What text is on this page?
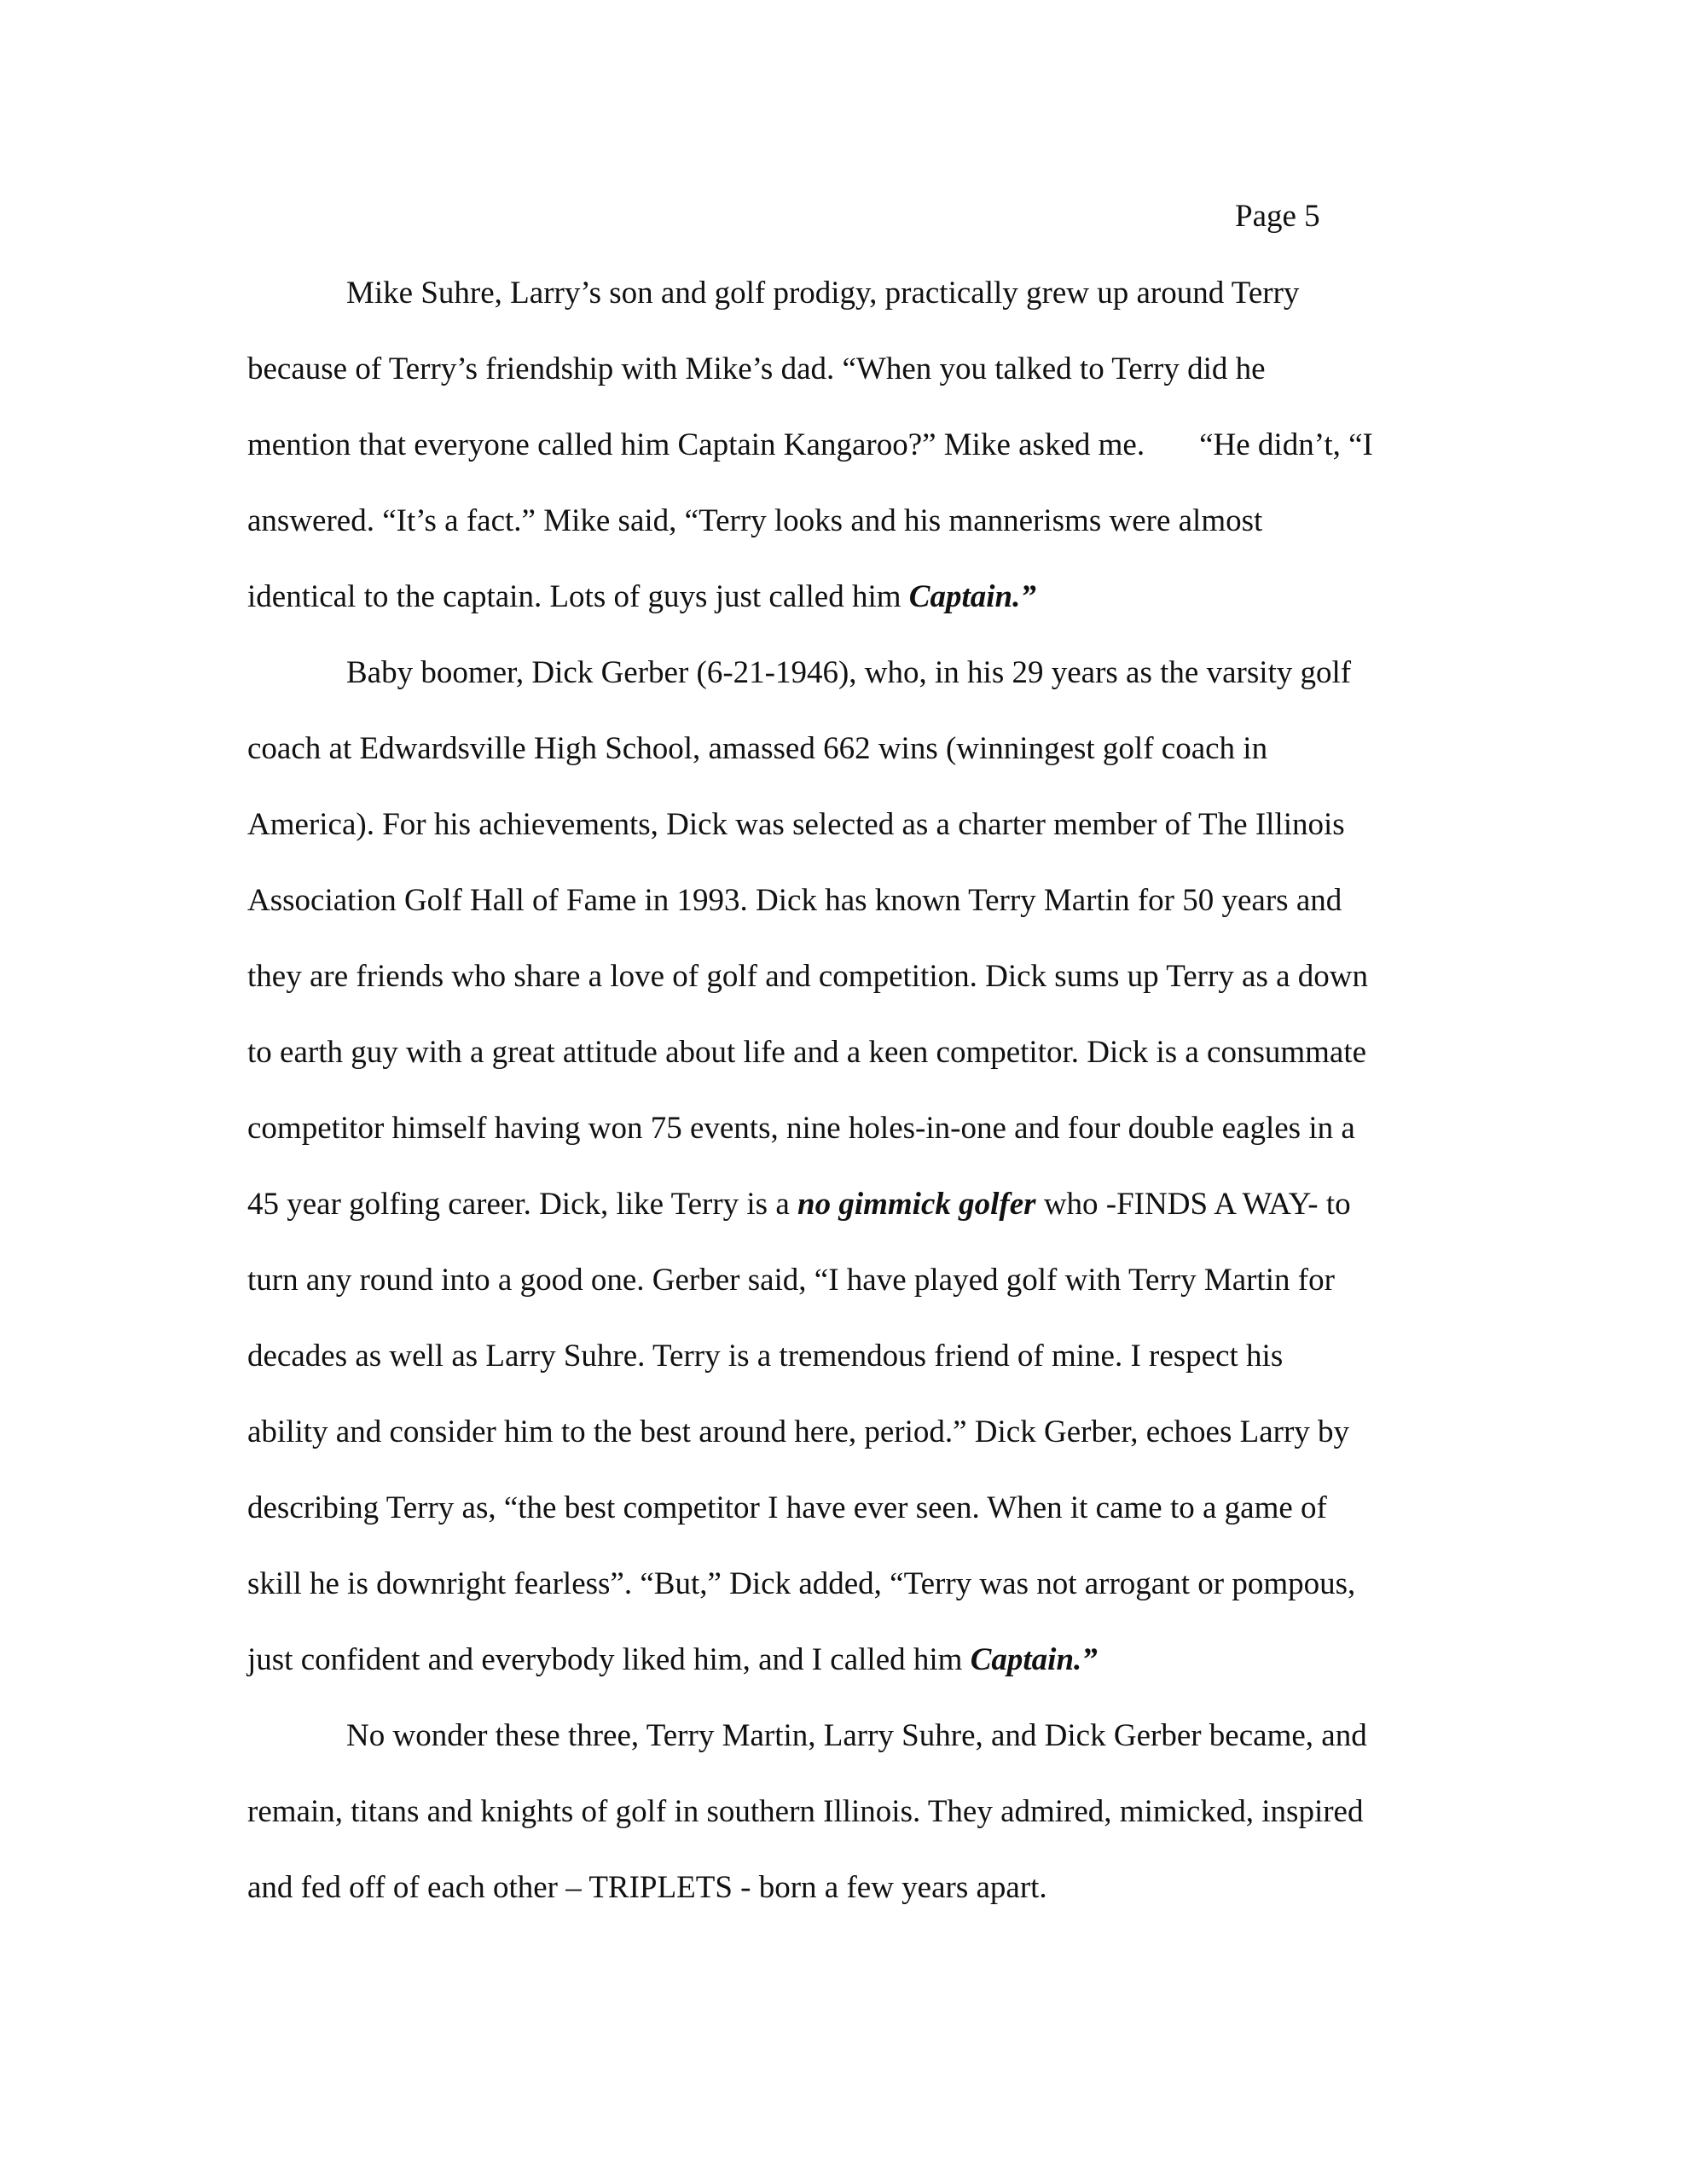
Page 5
Mike Suhre, Larry’s son and golf prodigy, practically grew up around Terry
because of Terry’s friendship with Mike’s dad. “When you talked to Terry did he
mention that everyone called him Captain Kangaroo?” Mike asked me. “He didn’t, “I
answered. “It’s a fact.” Mike said, “Terry looks and his mannerisms were almost
identical to the captain. Lots of guys just called him Captain.”
Baby boomer, Dick Gerber (6-21-1946), who, in his 29 years as the varsity golf
coach at Edwardsville High School, amassed 662 wins (winningest golf coach in
America). For his achievements, Dick was selected as a charter member of The Illinois
Association Golf Hall of Fame in 1993. Dick has known Terry Martin for 50 years and
they are friends who share a love of golf and competition. Dick sums up Terry as a down
to earth guy with a great attitude about life and a keen competitor. Dick is a consummate
competitor himself having won 75 events, nine holes-in-one and four double eagles in a
45 year golfing career. Dick, like Terry is a no gimmick golfer who -FINDS A WAY- to
turn any round into a good one. Gerber said, “I have played golf with Terry Martin for
decades as well as Larry Suhre. Terry is a tremendous friend of mine. I respect his
ability and consider him to the best around here, period.” Dick Gerber, echoes Larry by
describing Terry as, “the best competitor I have ever seen. When it came to a game of
skill he is downright fearless”. “But,” Dick added, “Terry was not arrogant or pompous,
just confident and everybody liked him, and I called him Captain.”
No wonder these three, Terry Martin, Larry Suhre, and Dick Gerber became, and
remain, titans and knights of golf in southern Illinois. They admired, mimicked, inspired
and fed off of each other – TRIPLETS - born a few years apart.
